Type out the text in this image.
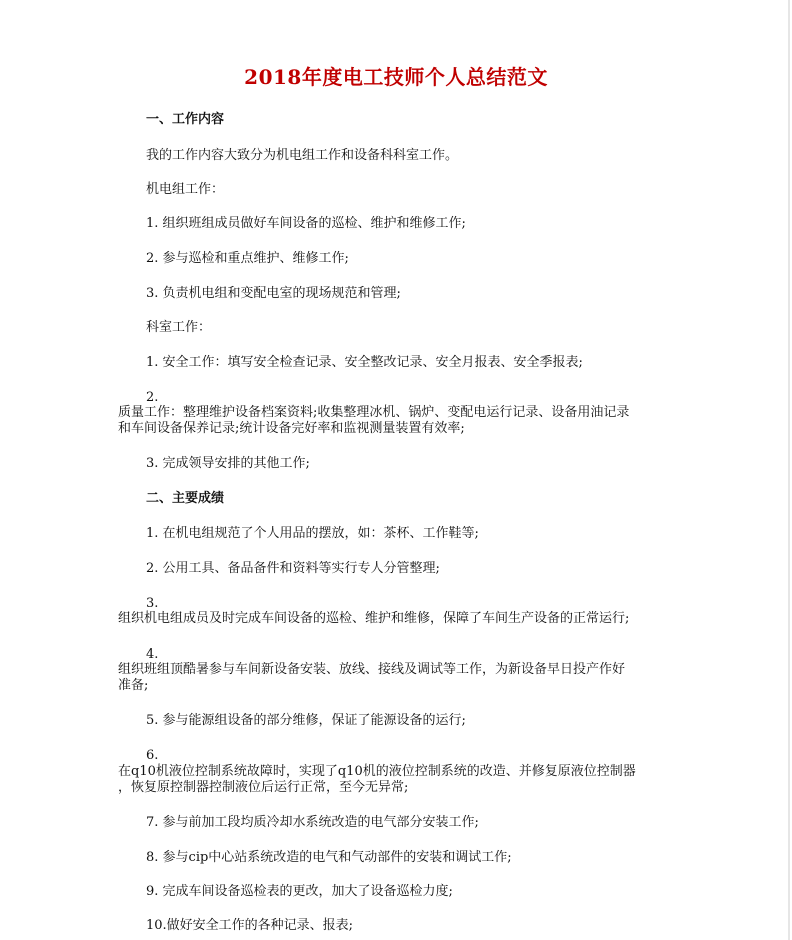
2018年度电工技师个人总结范文
一、工作内容
我的工作内容大致分为机电组工作和设备科科室工作。
机电组工作：
1. 组织班组成员做好车间设备的巡检、维护和维修工作;
2. 参与巡检和重点维护、维修工作;
3. 负责机电组和变配电室的现场规范和管理;
科室工作：
1. 安全工作：填写安全检查记录、安全整改记录、安全月报表、安全季报表;
2.
质量工作：整理维护设备档案资料;收集整理冰机、锅炉、变配电运行记录、设备用油记录
和车间设备保养记录;统计设备完好率和监视测量装置有效率;
3. 完成领导安排的其他工作;
二、主要成绩
1. 在机电组规范了个人用品的摆放，如：茶杯、工作鞋等;
2. 公用工具、备品备件和资料等实行专人分管整理;
3.
组织机电组成员及时完成车间设备的巡检、维护和维修，保障了车间生产设备的正常运行;
4.
组织班组顶酷暑参与车间新设备安装、放线、接线及调试等工作，为新设备早日投产作好
准备;
5. 参与能源组设备的部分维修，保证了能源设备的运行;
6.
在q10机液位控制系统故障时，实现了q10机的液位控制系统的改造、并修复原液位控制器
，恢复原控制器控制液位后运行正常，至今无异常;
7. 参与前加工段均质冷却水系统改造的电气部分安装工作;
8. 参与cip中心站系统改造的电气和气动部件的安装和调试工作;
9. 完成车间设备巡检表的更改，加大了设备巡检力度;
10.做好安全工作的各种记录、报表;
